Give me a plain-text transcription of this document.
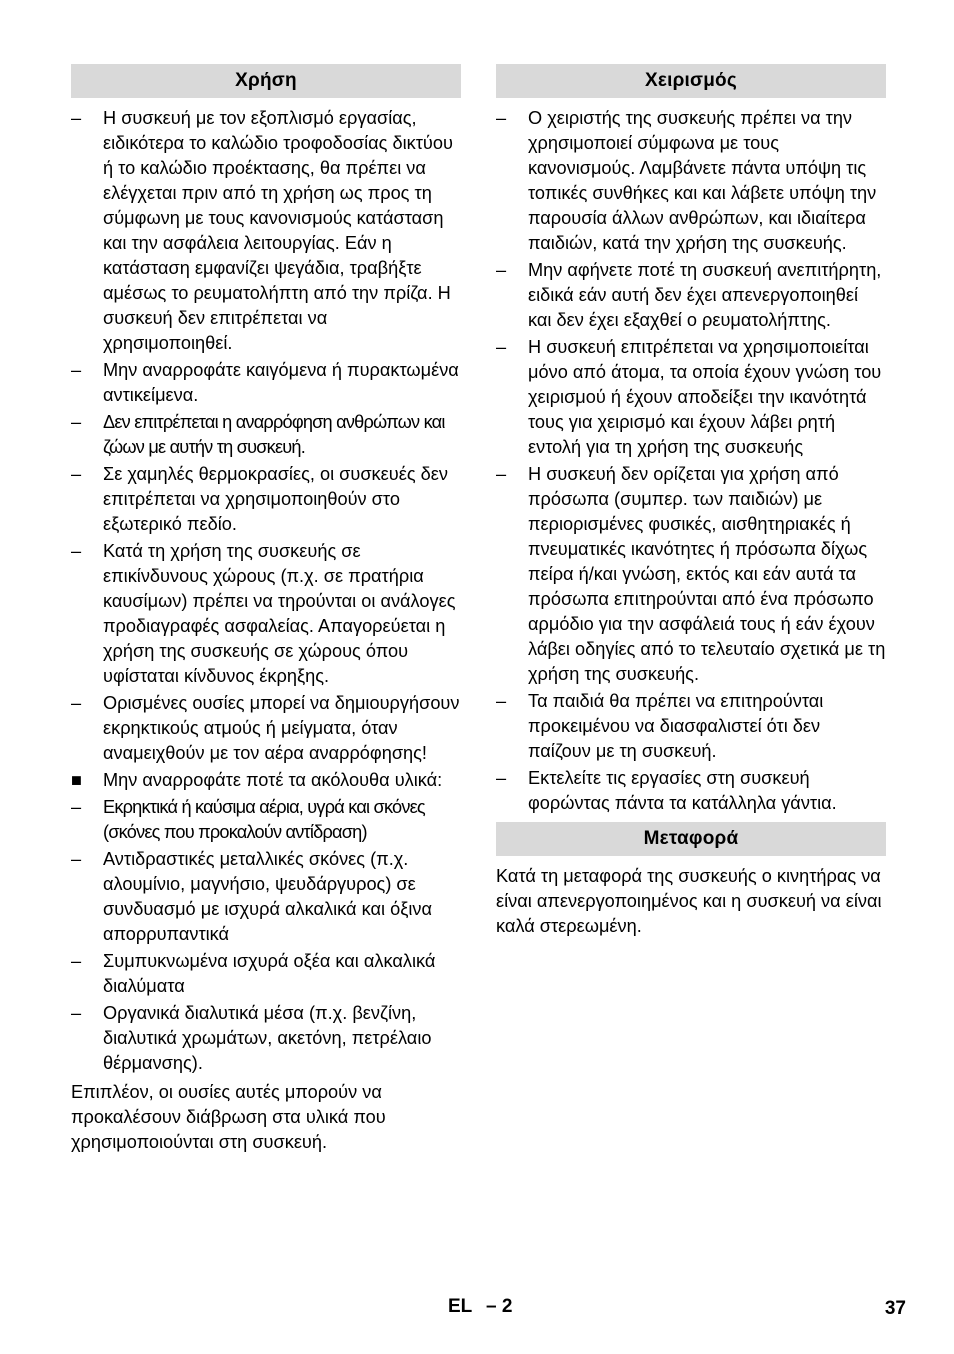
Χρήση
–	Η συσκευή με τον εξοπλισμό εργασίας, ειδικότερα το καλώδιο τροφοδοσίας δικτύου ή το καλώδιο προέκτασης, θα πρέπει να ελέγχεται πριν από τη χρήση ως προς τη σύμφωνη με τους κανονισμούς κατάσταση και την ασφάλεια λειτουργίας. Εάν η κατάσταση εμφανίζει ψεγάδια, τραβήξτε αμέσως το ρευματολήπτη από την πρίζα. Η συσκευή δεν επιτρέπεται να χρησιμοποιηθεί.
–	Μην αναρροφάτε καιγόμενα ή πυρακτωμένα αντικείμενα.
–	Δεν επιτρέπεται η αναρρόφηση ανθρώπων και ζώων με αυτήν τη συσκευή.
–	Σε χαμηλές θερμοκρασίες, οι συσκευές δεν επιτρέπεται να χρησιμοποιηθούν στο εξωτερικό πεδίο.
–	Κατά τη χρήση της συσκευής σε επικίνδυνους χώρους (π.χ. σε πρατήρια καυσίμων) πρέπει να τηρούνται οι ανάλογες προδιαγραφές ασφαλείας. Απαγορεύεται η χρήση της συσκευής σε χώρους όπου υφίσταται κίνδυνος έκρηξης.
–	Ορισμένες ουσίες μπορεί να δημιουργήσουν εκρηκτικούς ατμούς ή μείγματα, όταν αναμειχθούν με τον αέρα αναρρόφησης!
■	Μην αναρροφάτε ποτέ τα ακόλουθα υλικά:
–	Εκρηκτικά ή καύσιμα αέρια, υγρά και σκόνες (σκόνες που προκαλούν αντίδραση)
–	Αντιδραστικές μεταλλικές σκόνες (π.χ. αλουμίνιο, μαγνήσιο, ψευδάργυρος) σε συνδυασμό με ισχυρά αλκαλικά και όξινα απορρυπαντικά
–	Συμπυκνωμένα ισχυρά οξέα και αλκαλικά διαλύματα
–	Οργανικά διαλυτικά μέσα (π.χ. βενζίνη, διαλυτικά χρωμάτων, ακετόνη, πετρέλαιο θέρμανσης).
Επιπλέον, οι ουσίες αυτές μπορούν να προκαλέσουν διάβρωση στα υλικά που χρησιμοποιούνται στη συσκευή.
Χειρισμός
–	Ο χειριστής της συσκευής πρέπει να την χρησιμοποιεί σύμφωνα με τους κανονισμούς. Λαμβάνετε πάντα υπόψη τις τοπικές συνθήκες και και λάβετε υπόψη την παρουσία άλλων ανθρώπων, και ιδιαίτερα παιδιών, κατά την χρήση της συσκευής.
–	Μην αφήνετε ποτέ τη συσκευή ανεπιτήρητη, ειδικά εάν αυτή δεν έχει απενεργοποιηθεί και δεν έχει εξαχθεί ο ρευματολήπτης.
–	Η συσκευή επιτρέπεται να χρησιμοποιείται μόνο από άτομα, τα οποία έχουν γνώση του χειρισμού ή έχουν αποδείξει την ικανότητά τους για χειρισμό και έχουν λάβει ρητή εντολή για τη χρήση της συσκευής
–	Η συσκευή δεν ορίζεται για χρήση από πρόσωπα (συμπερ. των παιδιών) με περιορισμένες φυσικές, αισθητηριακές ή πνευματικές ικανότητες ή πρόσωπα δίχως πείρα ή/και γνώση, εκτός και εάν αυτά τα πρόσωπα επιτηρούνται από ένα πρόσωπο αρμόδιο για την ασφάλειά τους ή εάν έχουν λάβει οδηγίες από το τελευταίο σχετικά με τη χρήση της συσκευής.
–	Τα παιδιά θα πρέπει να επιτηρούνται προκειμένου να διασφαλιστεί ότι δεν παίζουν με τη συσκευή.
–	Εκτελείτε τις εργασίες στη συσκευή φορώντας πάντα τα κατάλληλα γάντια.
Μεταφορά
Κατά τη μεταφορά της συσκευής ο κινητήρας να είναι απενεργοποιημένος και η συσκευή να είναι καλά στερεωμένη.
EL – 2	37
